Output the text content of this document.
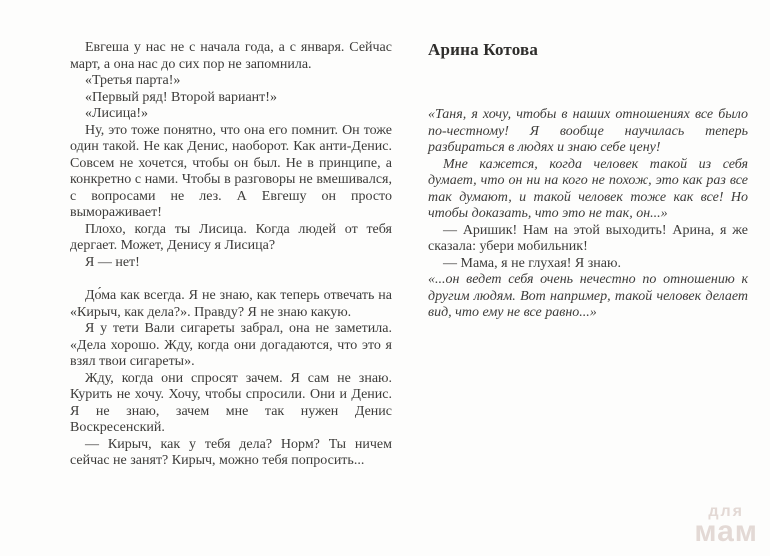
Евгеша у нас не с начала года, а с января. Сейчас март, а она нас до сих пор не запомнила.

«Третья парта!»

«Первый ряд! Второй вариант!»

«Лисица!»

Ну, это тоже понятно, что она его помнит. Он тоже один такой. Не как Денис, наоборот. Как анти-Денис. Совсем не хочется, чтобы он был. Не в принципе, а конкретно с нами. Чтобы в разговоры не вмешивался, с вопросами не лез. А Евгешу он просто вымораживает!

Плохо, когда ты Лисица. Когда людей от тебя дергает. Может, Денису я Лисица?

Я — нет!

До́ма как всегда. Я не знаю, как теперь отвечать на «Кирыч, как дела?». Правду? Я не знаю какую.

Я у тети Вали сигареты забрал, она не заметила. «Дела хорошо. Жду, когда они догадаются, что это я взял твои сигареты».

Жду, когда они спросят зачем. Я сам не знаю. Курить не хочу. Хочу, чтобы спросили. Они и Денис. Я не знаю, зачем мне так нужен Денис Воскресенский.

— Кирыч, как у тебя дела? Норм? Ты ничем сейчас не занят? Кирыч, можно тебя попросить...

Арина Котова

«Таня, я хочу, чтобы в наших отношениях все было по-честному! Я вообще научилась теперь разбираться в людях и знаю себе цену!

Мне кажется, когда человек такой из себя думает, что он ни на кого не похож, это как раз все так думают, и такой человек тоже как все! Но чтобы доказать, что это не так, он...»

— Аришик! Нам на этой выходить! Арина, я же сказала: убери мобильник!

— Мама, я не глухая! Я знаю.

«...он ведет себя очень нечестно по отношению к другим людям. Вот например, такой человек делает вид, что ему не все равно...»

для
мам
